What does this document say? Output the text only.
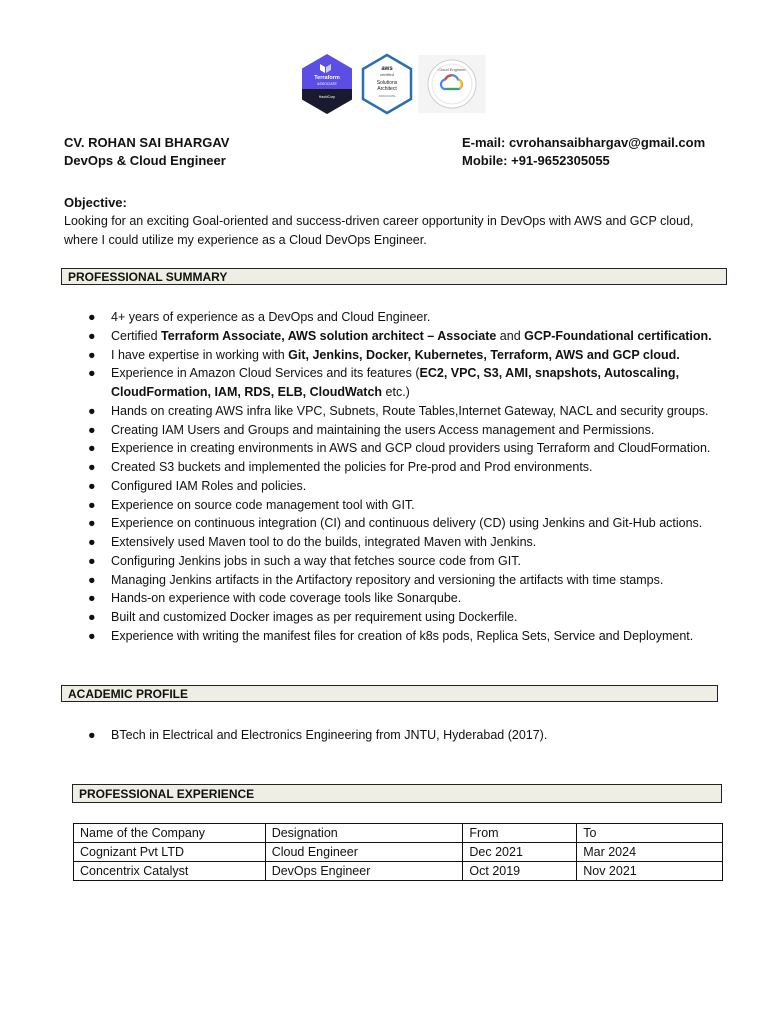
Terraform
ASSOCIATE
HashiCorp
aws
certified
Solutions
Architect
ASSOCIATE
Cloud Engineer
CV. ROHAN SAI BHARGAV
DevOps & Cloud Engineer
E-mail: cvrohansaibhargav@gmail.com
Mobile: +91-9652305055
Objective:
Looking for an exciting Goal-oriented and success-driven career opportunity in DevOps with AWS and GCP cloud, where I could utilize my experience as a Cloud DevOps Engineer.
PROFESSIONAL SUMMARY
● 4+ years of experience as a DevOps and Cloud Engineer.
● Certified Terraform Associate, AWS solution architect – Associate and GCP-Foundational certification.
● I have expertise in working with Git, Jenkins, Docker, Kubernetes, Terraform, AWS and GCP cloud.
● Experience in Amazon Cloud Services and its features (EC2, VPC, S3, AMI, snapshots, Autoscaling, CloudFormation, IAM, RDS, ELB, CloudWatch etc.)
● Hands on creating AWS infra like VPC, Subnets, Route Tables,Internet Gateway, NACL and security groups.
● Creating IAM Users and Groups and maintaining the users Access management and Permissions.
● Experience in creating environments in AWS and GCP cloud providers using Terraform and CloudFormation.
● Created S3 buckets and implemented the policies for Pre-prod and Prod environments.
● Configured IAM Roles and policies.
● Experience on source code management tool with GIT.
● Experience on continuous integration (CI) and continuous delivery (CD) using Jenkins and Git-Hub actions.
● Extensively used Maven tool to do the builds, integrated Maven with Jenkins.
● Configuring Jenkins jobs in such a way that fetches source code from GIT.
● Managing Jenkins artifacts in the Artifactory repository and versioning the artifacts with time stamps.
● Hands-on experience with code coverage tools like Sonarqube.
● Built and customized Docker images as per requirement using Dockerfile.
● Experience with writing the manifest files for creation of k8s pods, Replica Sets, Service and Deployment.
ACADEMIC PROFILE
● BTech in Electrical and Electronics Engineering from JNTU, Hyderabad (2017).
PROFESSIONAL EXPERIENCE
Name of the Company	Designation	From	To
Cognizant Pvt LTD	Cloud Engineer	Dec 2021	Mar 2024
Concentrix Catalyst	DevOps Engineer	Oct 2019	Nov 2021
